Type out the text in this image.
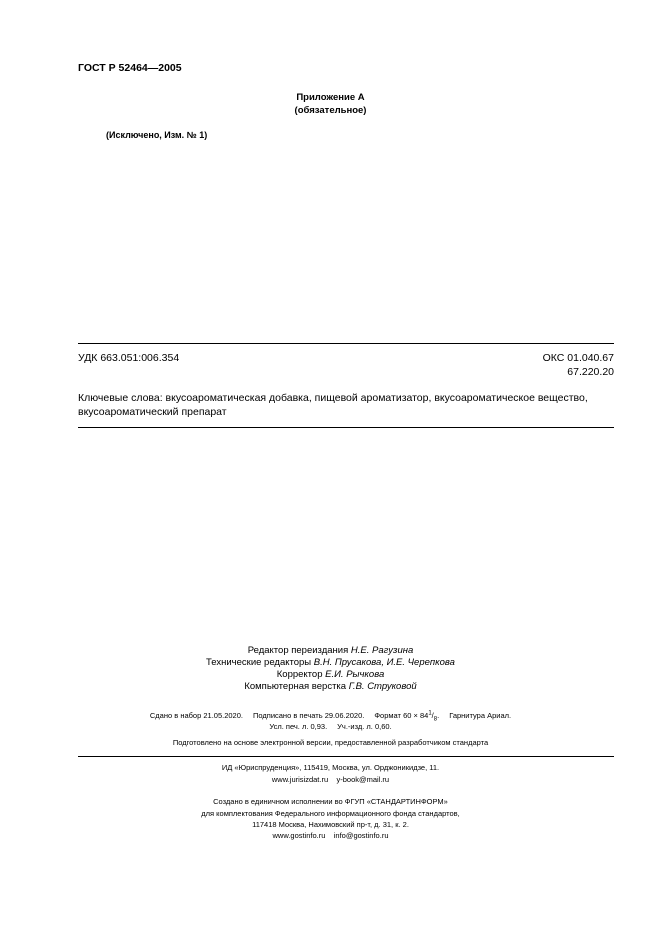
ГОСТ Р 52464—2005
Приложение А
(обязательное)
(Исключено, Изм. № 1)
УДК 663.051:006.354	ОКС 01.040.67
67.220.20
Ключевые слова: вкусоароматическая добавка, пищевой ароматизатор, вкусоароматическое вещество, вкусоароматический препарат
Редактор переиздания Н.Е. Рагузина
Технические редакторы В.Н. Прусакова, И.Е. Черепкова
Корректор Е.И. Рычкова
Компьютерная верстка Г.В. Струковой
Сдано в набор 21.05.2020. Подписано в печать 29.06.2020. Формат $60 \times 84^1/_8$. Гарнитура Ариал.
Усл. печ. л. 0,93. Уч.-изд. л. 0,60.
Подготовлено на основе электронной версии, предоставленной разработчиком стандарта
ИД «Юриспруденция», 115419, Москва, ул. Орджоникидзе, 11.
www.jurisizdat.ru    y-book@mail.ru
Создано в единичном исполнении во ФГУП «СТАНДАРТИНФОРМ»
для комплектования Федерального информационного фонда стандартов,
117418 Москва, Нахимовский пр-т, д. 31, к. 2.
www.gostinfo.ru    info@gostinfo.ru
